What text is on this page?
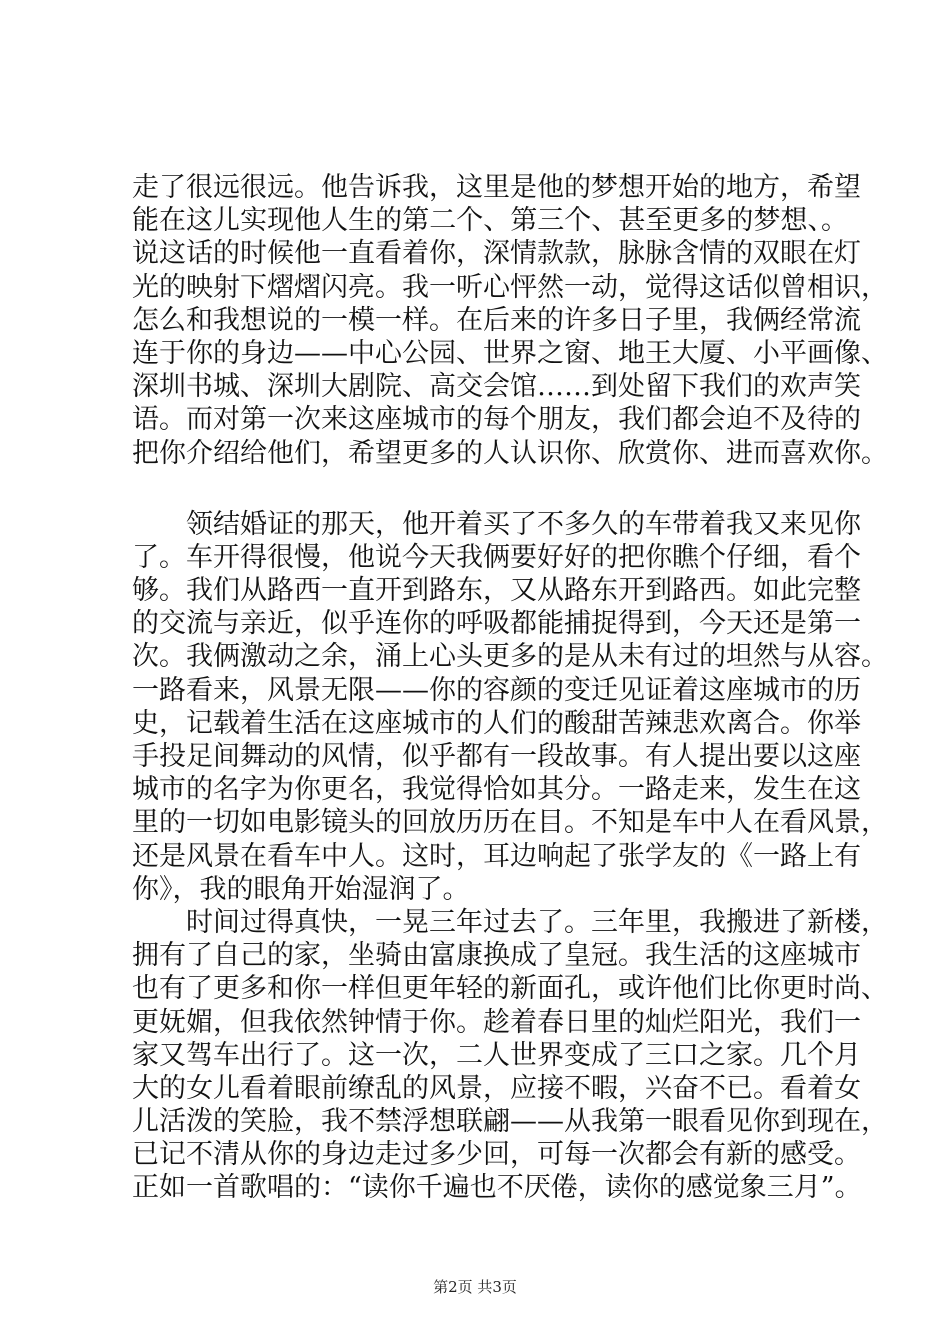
走了很远很远。他告诉我，这里是他的梦想开始的地方，希望
能在这儿实现他人生的第二个、第三个、甚至更多的梦想、。
说这话的时候他一直看着你，深情款款，脉脉含情的双眼在灯
光的映射下熠熠闪亮。我一听心怦然一动，觉得这话似曾相识，
怎么和我想说的一模一样。在后来的许多日子里，我俩经常流
连于你的身边——中心公园、世界之窗、地王大厦、小平画像、
深圳书城、深圳大剧院、高交会馆……到处留下我们的欢声笑
语。而对第一次来这座城市的每个朋友，我们都会迫不及待的
把你介绍给他们，希望更多的人认识你、欣赏你、进而喜欢你。
领结婚证的那天，他开着买了不多久的车带着我又来见你
了。车开得很慢，他说今天我俩要好好的把你瞧个仔细，看个
够。我们从路西一直开到路东，又从路东开到路西。如此完整
的交流与亲近，似乎连你的呼吸都能捕捉得到，今天还是第一
次。我俩激动之余，涌上心头更多的是从未有过的坦然与从容。
一路看来，风景无限——你的容颜的变迁见证着这座城市的历
史，记载着生活在这座城市的人们的酸甜苦辣悲欢离合。你举
手投足间舞动的风情，似乎都有一段故事。有人提出要以这座
城市的名字为你更名，我觉得恰如其分。一路走来，发生在这
里的一切如电影镜头的回放历历在目。不知是车中人在看风景，
还是风景在看车中人。这时，耳边响起了张学友的《一路上有
你》，我的眼角开始湿润了。
时间过得真快，一晃三年过去了。三年里，我搬进了新楼，
拥有了自己的家，坐骑由富康换成了皇冠。我生活的这座城市
也有了更多和你一样但更年轻的新面孔，或许他们比你更时尚、
更妩媚，但我依然钟情于你。趁着春日里的灿烂阳光，我们一
家又驾车出行了。这一次，二人世界变成了三口之家。几个月
大的女儿看着眼前缭乱的风景，应接不暇，兴奋不已。看着女
儿活泼的笑脸，我不禁浮想联翩——从我第一眼看见你到现在，
已记不清从你的身边走过多少回，可每一次都会有新的感受。
正如一首歌唱的：“读你千遍也不厌倦，读你的感觉象三月”。
第2页 共3页
